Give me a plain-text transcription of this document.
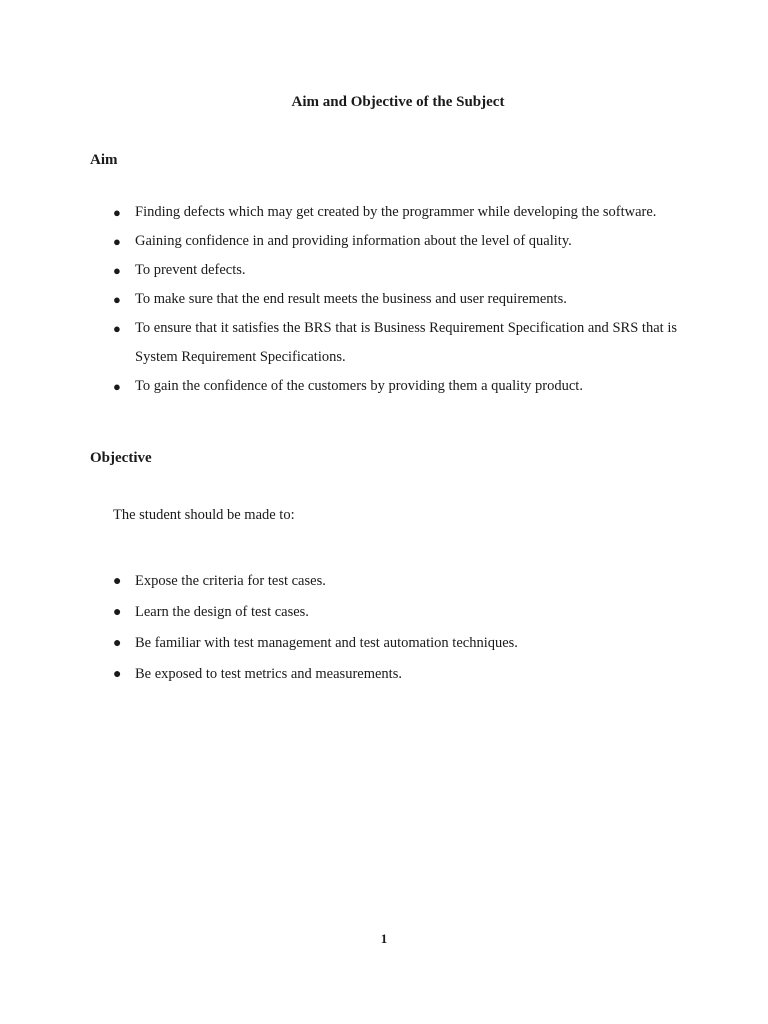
Aim and Objective of the Subject
Aim
● Finding defects which may get created by the programmer while developing the software.
● Gaining confidence in and providing information about the level of quality.
● To prevent defects.
● To make sure that the end result meets the business and user requirements.
● To ensure that it satisfies the BRS that is Business Requirement Specification and SRS that is System Requirement Specifications.
● To gain the confidence of the customers by providing them a quality product.
Objective
The student should be made to:
● Expose the criteria for test cases.
● Learn the design of test cases.
● Be familiar with test management and test automation techniques.
● Be exposed to test metrics and measurements.
1
